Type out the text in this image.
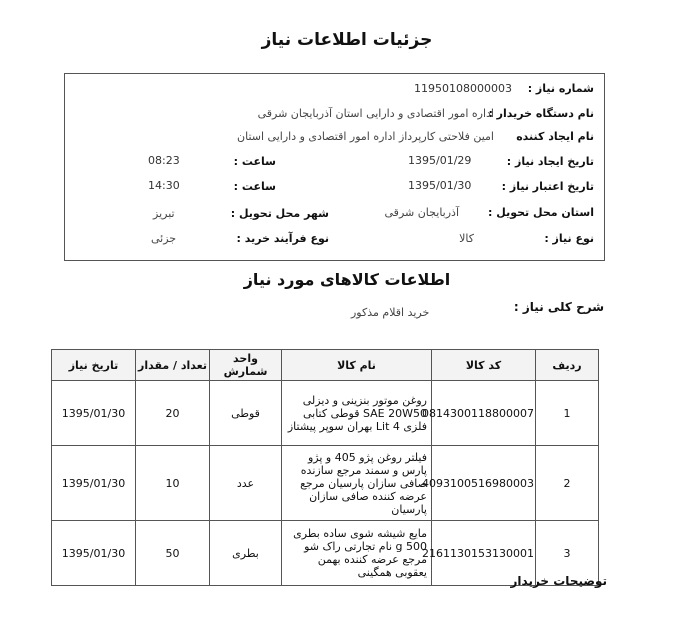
جزئیات اطلاعات نیاز
شماره نیاز :
11950108000003
نام دستگاه خریدار :
اداره امور اقتصادی و دارایی استان آذربایجان شرقی
نام ایجاد کننده
امین فلاحتی کارپرداز اداره امور اقتصادی و دارایی استان
تاریخ ایجاد نیاز :
1395/01/29
ساعت :
08:23
تاریخ اعتبار نیاز :
1395/01/30
ساعت :
14:30
استان محل تحویل :
آذربایجان شرقی
شهر محل تحویل :
تبریز
نوع نیاز :
کالا
نوع فرآیند خرید :
جزئی
اطلاعات کالاهای مورد نیاز
شرح کلی نیاز :
خرید اقلام مذکور
ردیف	کد کالا	نام کالا	واحد شمارش	تعداد / مقدار	تاریخ نیاز
1	0814300118800007	روغن موتور بنزینی و دیزلی SAE 20W50 قوطی کتابی فلزی 4 Lit بهران سوپر پیشتاز	قوطی	20	1395/01/30
2	4093100516980003	فیلتر روغن پژو 405 و پژو پارس و سمند مرجع سازنده صافی سازان پارسیان مرجع عرضه کننده صافی سازان پارسیان	عدد	10	1395/01/30
3	2161130153130001	مایع شیشه شوی ساده بطری 500 g نام تجارتی راک شو مرجع عرضه کننده بهمن یعقوبی همگینی	بطری	50	1395/01/30
توضیحات خریدار
